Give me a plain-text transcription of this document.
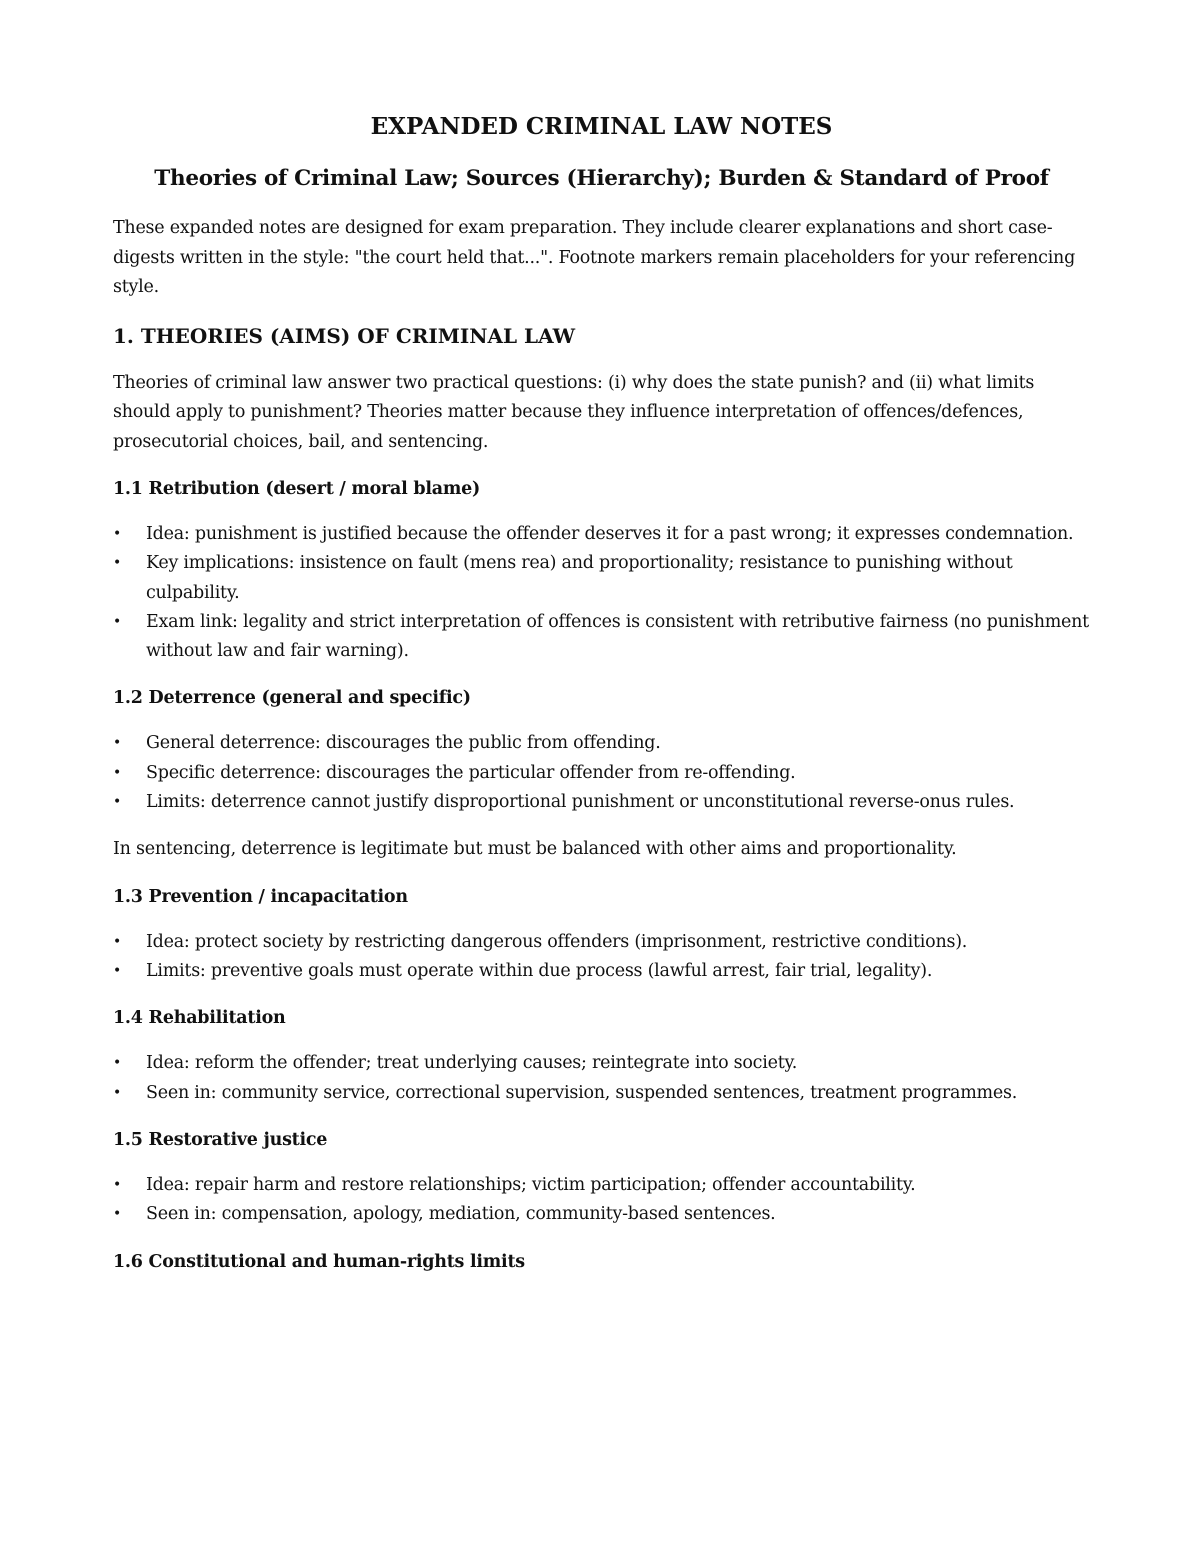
EXPANDED CRIMINAL LAW NOTES
Theories of Criminal Law; Sources (Hierarchy); Burden & Standard of Proof

These expanded notes are designed for exam preparation. They include clearer explanations and short case-digests written in the style: "the court held that...". Footnote markers remain placeholders for your referencing style.

1. THEORIES (AIMS) OF CRIMINAL LAW

Theories of criminal law answer two practical questions: (i) why does the state punish? and (ii) what limits should apply to punishment? Theories matter because they influence interpretation of offences/defences, prosecutorial choices, bail, and sentencing.

1.1 Retribution (desert / moral blame)
• Idea: punishment is justified because the offender deserves it for a past wrong; it expresses condemnation.
• Key implications: insistence on fault (mens rea) and proportionality; resistance to punishing without culpability.
• Exam link: legality and strict interpretation of offences is consistent with retributive fairness (no punishment without law and fair warning).
1.2 Deterrence (general and specific)
• General deterrence: discourages the public from offending.
• Specific deterrence: discourages the particular offender from re-offending.
• Limits: deterrence cannot justify disproportional punishment or unconstitutional reverse-onus rules.

In sentencing, deterrence is legitimate but must be balanced with other aims and proportionality.

1.3 Prevention / incapacitation
• Idea: protect society by restricting dangerous offenders (imprisonment, restrictive conditions).
• Limits: preventive goals must operate within due process (lawful arrest, fair trial, legality).
1.4 Rehabilitation
• Idea: reform the offender; treat underlying causes; reintegrate into society.
• Seen in: community service, correctional supervision, suspended sentences, treatment programmes.
1.5 Restorative justice
• Idea: repair harm and restore relationships; victim participation; offender accountability.
• Seen in: compensation, apology, mediation, community-based sentences.
1.6 Constitutional and human-rights limits
